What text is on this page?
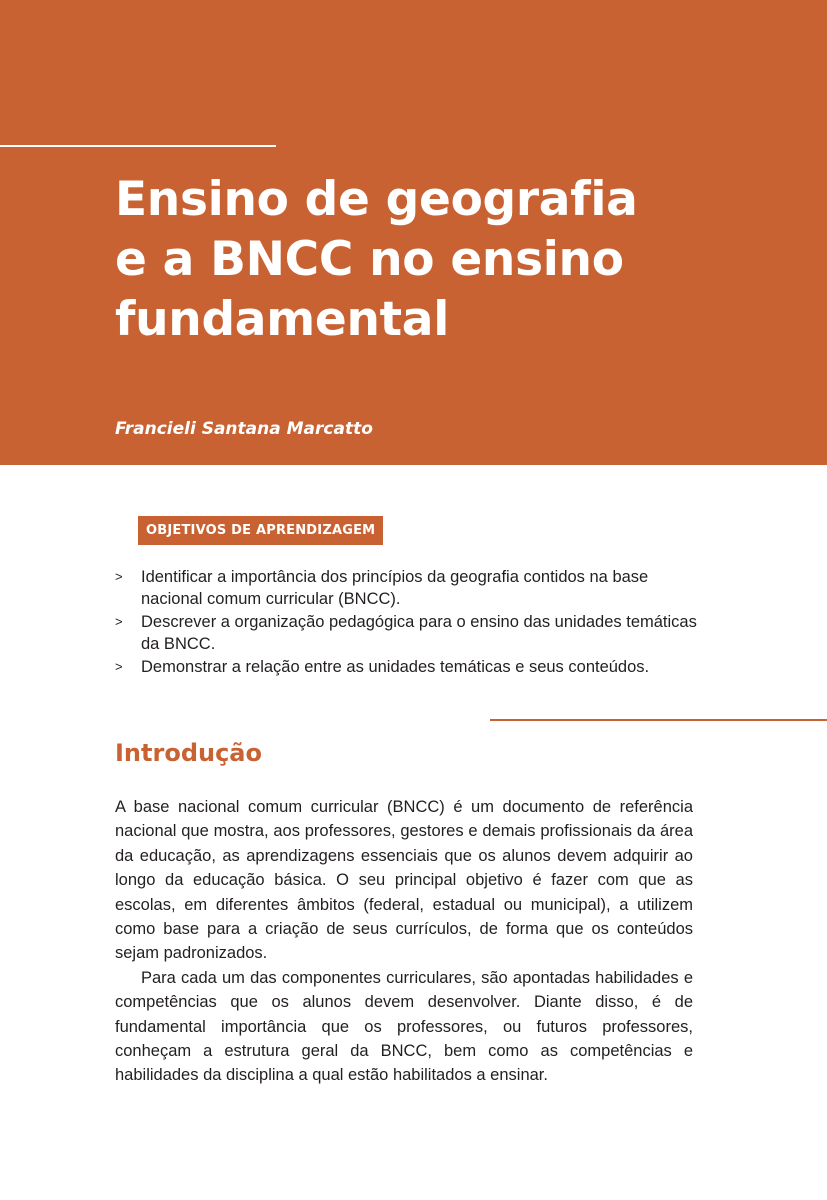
Ensino de geografia
e a BNCC no ensino
fundamental
Francieli Santana Marcatto
OBJETIVOS DE APRENDIZAGEM
> Identificar a importância dos princípios da geografia contidos na base nacional comum curricular (BNCC).
> Descrever a organização pedagógica para o ensino das unidades temáticas da BNCC.
> Demonstrar a relação entre as unidades temáticas e seus conteúdos.
Introdução

A base nacional comum curricular (BNCC) é um documento de referência nacional que mostra, aos professores, gestores e demais profissionais da área da educação, as aprendizagens essenciais que os alunos devem adquirir ao longo da educação básica. O seu principal objetivo é fazer com que as escolas, em diferentes âmbitos (federal, estadual ou municipal), a utilizem como base para a criação de seus currículos, de forma que os conteúdos sejam padronizados.

Para cada um das componentes curriculares, são apontadas habilidades e competências que os alunos devem desenvolver. Diante disso, é de fundamental importância que os professores, ou futuros professores, conheçam a estrutura geral da BNCC, bem como as competências e habilidades da disciplina a qual estão habilitados a ensinar.
